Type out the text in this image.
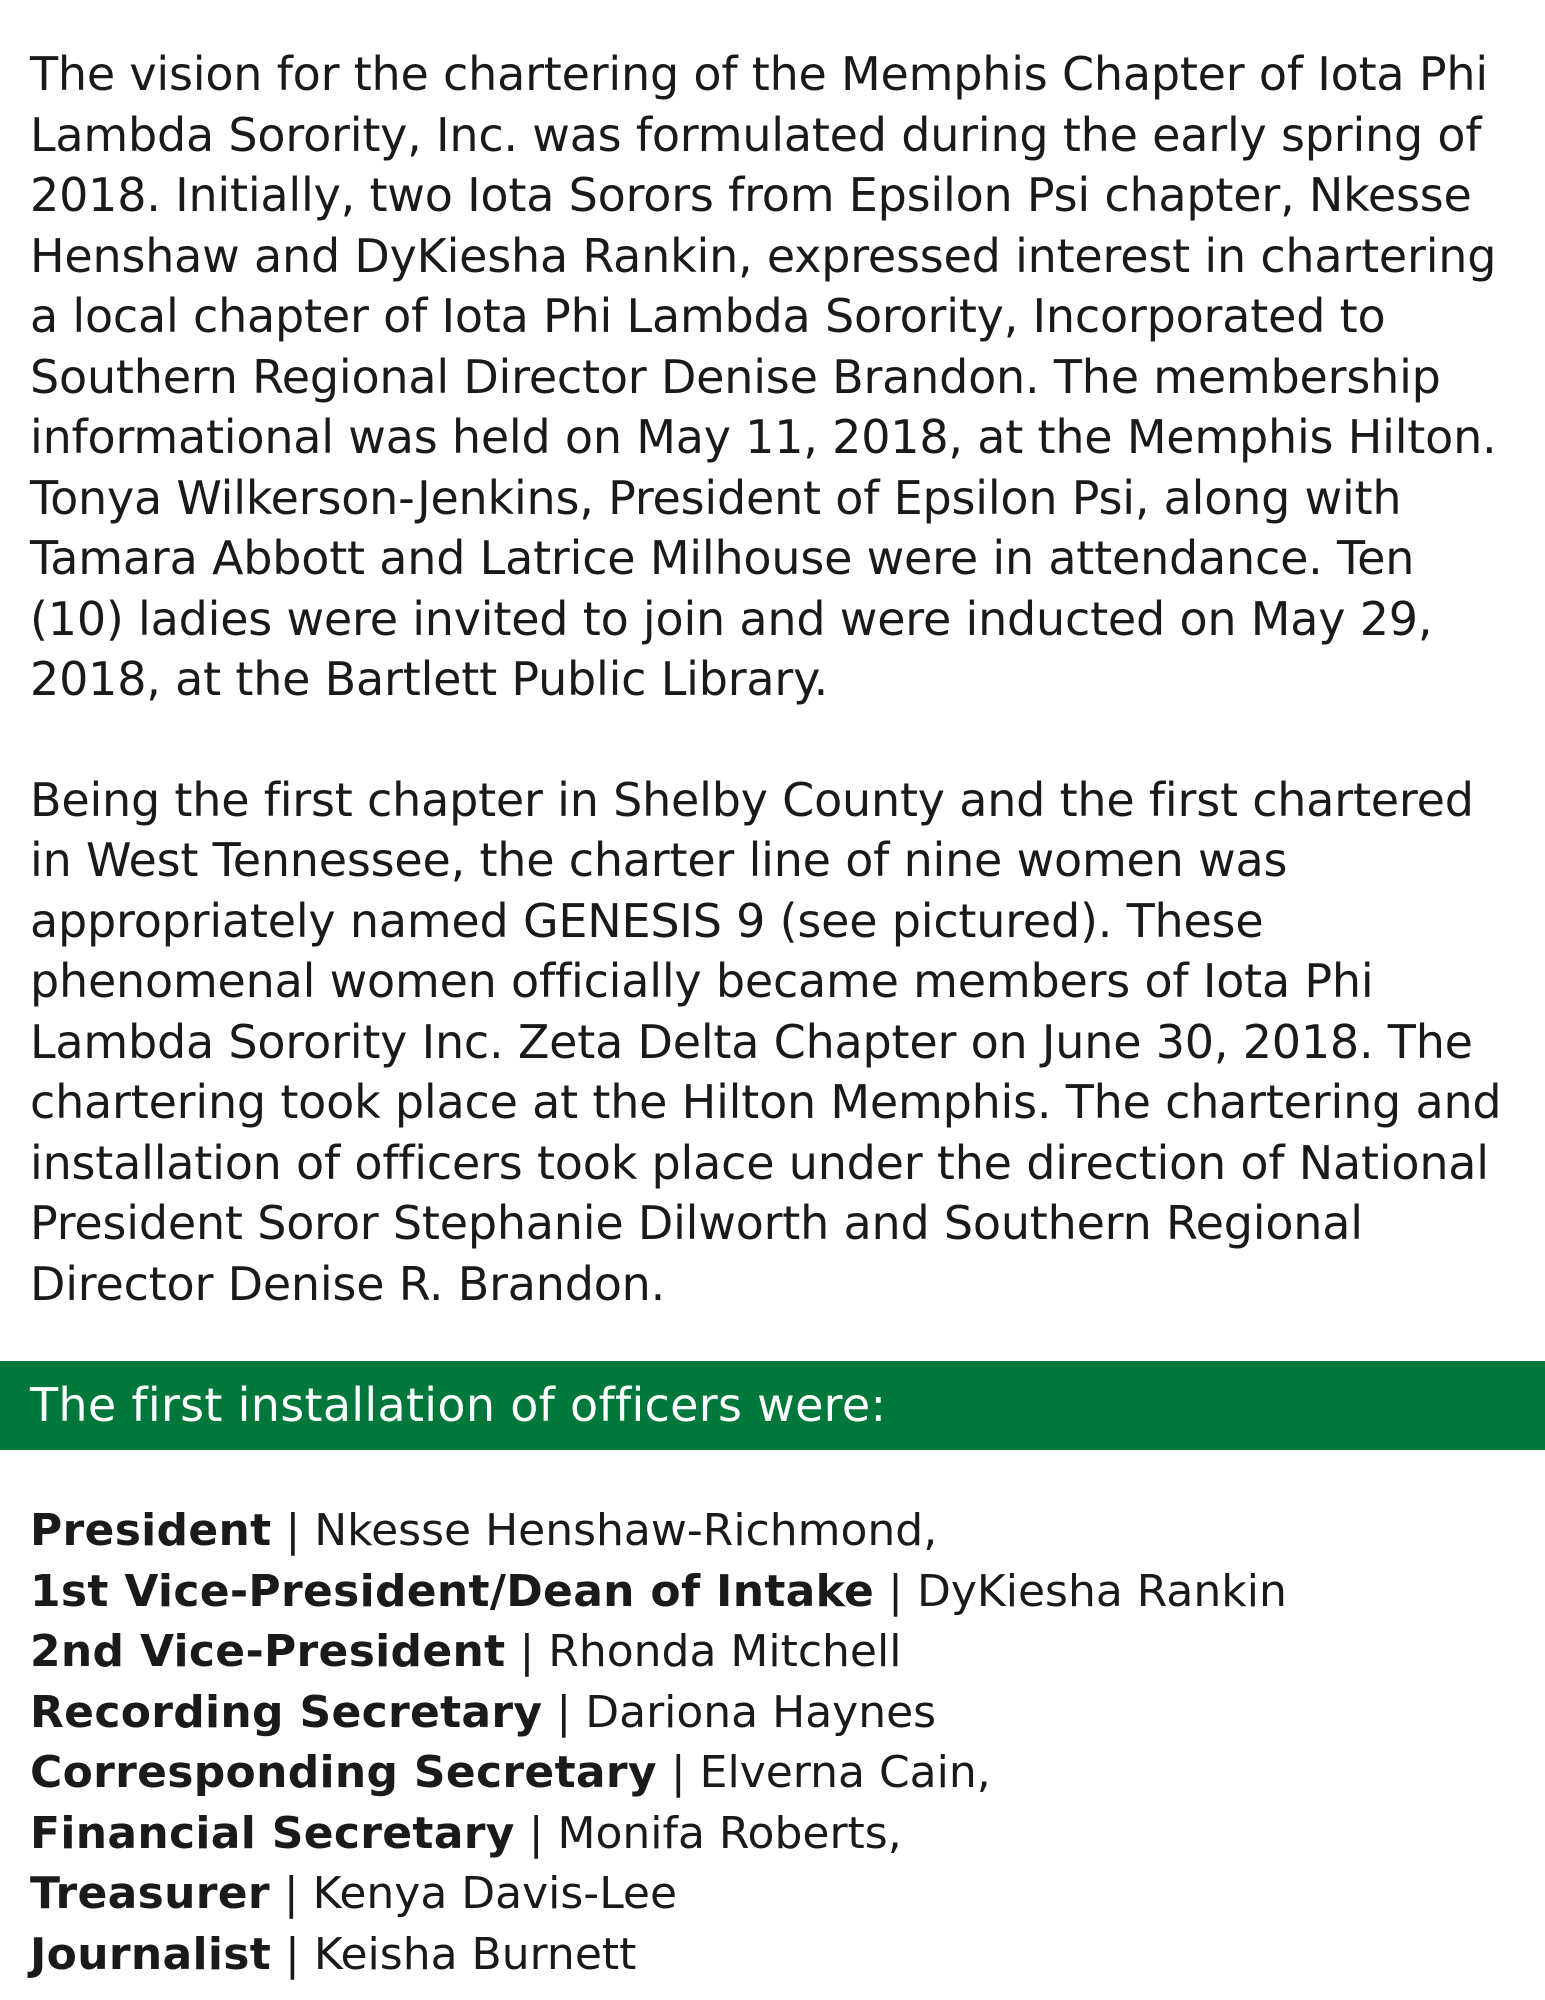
The vision for the chartering of the Memphis Chapter of Iota Phi Lambda Sorority, Inc. was formulated during the early spring of 2018. Initially, two Iota Sorors from Epsilon Psi chapter, Nkesse Henshaw and DyKiesha Rankin, expressed interest in chartering a local chapter of Iota Phi Lambda Sorority, Incorporated to Southern Regional Director Denise Brandon. The membership informational was held on May 11, 2018, at the Memphis Hilton. Tonya Wilkerson-Jenkins, President of Epsilon Psi, along with Tamara Abbott and Latrice Milhouse were in attendance. Ten (10) ladies were invited to join and were inducted on May 29, 2018, at the Bartlett Public Library.

Being the first chapter in Shelby County and the first chartered in West Tennessee, the charter line of nine women was appropriately named GENESIS 9 (see pictured). These phenomenal women officially became members of Iota Phi Lambda Sorority Inc. Zeta Delta Chapter on June 30, 2018. The chartering took place at the Hilton Memphis. The chartering and installation of officers took place under the direction of National President Soror Stephanie Dilworth and Southern Regional Director Denise R. Brandon.

The first installation of officers were:
President | Nkesse Henshaw-Richmond,
1st Vice-President/Dean of Intake | DyKiesha Rankin
2nd Vice-President | Rhonda Mitchell
Recording Secretary | Dariona Haynes
Corresponding Secretary | Elverna Cain,
Financial Secretary | Monifa Roberts,
Treasurer | Kenya Davis-Lee
Journalist | Keisha Burnett
